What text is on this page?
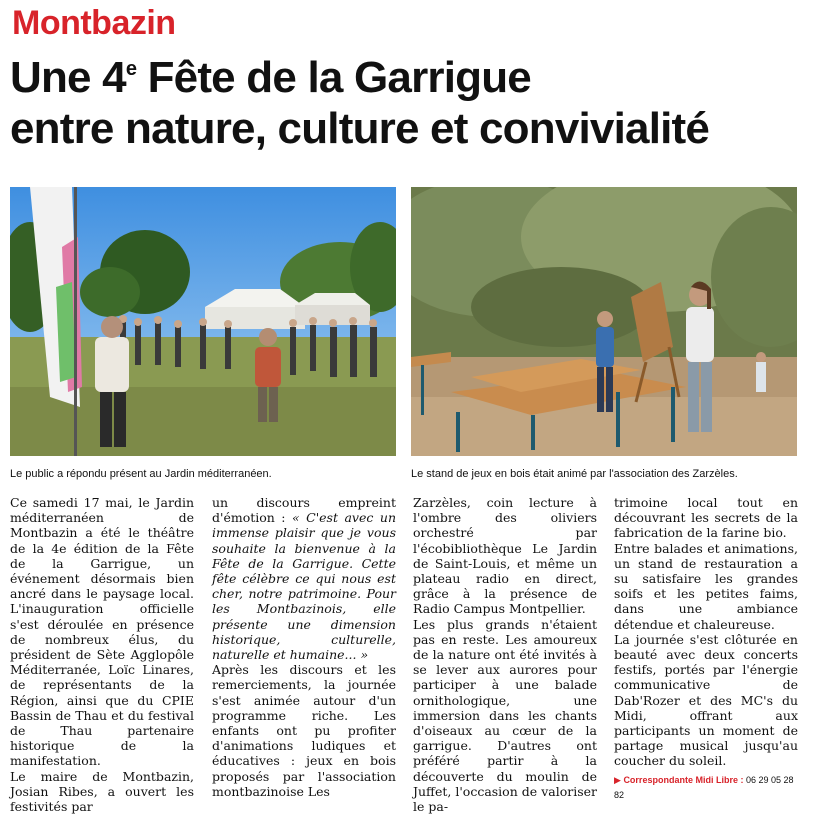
Montbazin
Une 4e Fête de la Garrigue
entre nature, culture et convivialité
Le public a répondu présent au Jardin méditerranéen.	Le stand de jeux en bois était animé par l'association des Zarzèles.

Ce samedi 17 mai, le Jardin méditerranéen de Montbazin a été le théâtre de la 4e édition de la Fête de la Garrigue, un événement désormais bien ancré dans le paysage local. L'inauguration officielle s'est déroulée en présence de nombreux élus, du président de Sète Agglopôle Méditerranée, Loïc Linares, de représentants de la Région, ainsi que du CPIE Bassin de Thau et du festival de Thau partenaire historique de la manifestation.

Le maire de Montbazin, Josian Ribes, a ouvert les festivités par

un discours empreint d'émotion : « C'est avec un immense plaisir que je vous souhaite la bienvenue à la Fête de la Garrigue. Cette fête célèbre ce qui nous est cher, notre patrimoine. Pour les Montbazinois, elle présente une dimension historique, culturelle, naturelle et humaine... »

Après les discours et les remerciements, la journée s'est animée autour d'un programme riche. Les enfants ont pu profiter d'animations ludiques et éducatives : jeux en bois proposés par l'association montbazinoise Les

Zarzèles, coin lecture à l'ombre des oliviers orchestré par l'écobibliothèque Le Jardin de Saint-Louis, et même un plateau radio en direct, grâce à la présence de Radio Campus Montpellier.

Les plus grands n'étaient pas en reste. Les amoureux de la nature ont été invités à se lever aux aurores pour participer à une balade ornithologique, une immersion dans les chants d'oiseaux au cœur de la garrigue. D'autres ont préféré partir à la découverte du moulin de Juffet, l'occasion de valoriser le pa-

trimoine local tout en découvrant les secrets de la fabrication de la farine bio.

Entre balades et animations, un stand de restauration a su satisfaire les grandes soifs et les petites faims, dans une ambiance détendue et chaleureuse.

La journée s'est clôturée en beauté avec deux concerts festifs, portés par l'énergie communicative de Dab'Rozer et des MC's du Midi, offrant aux participants un moment de partage musical jusqu'au coucher du soleil.

▶ Correspondante Midi Libre : 06 29 05 28 82
